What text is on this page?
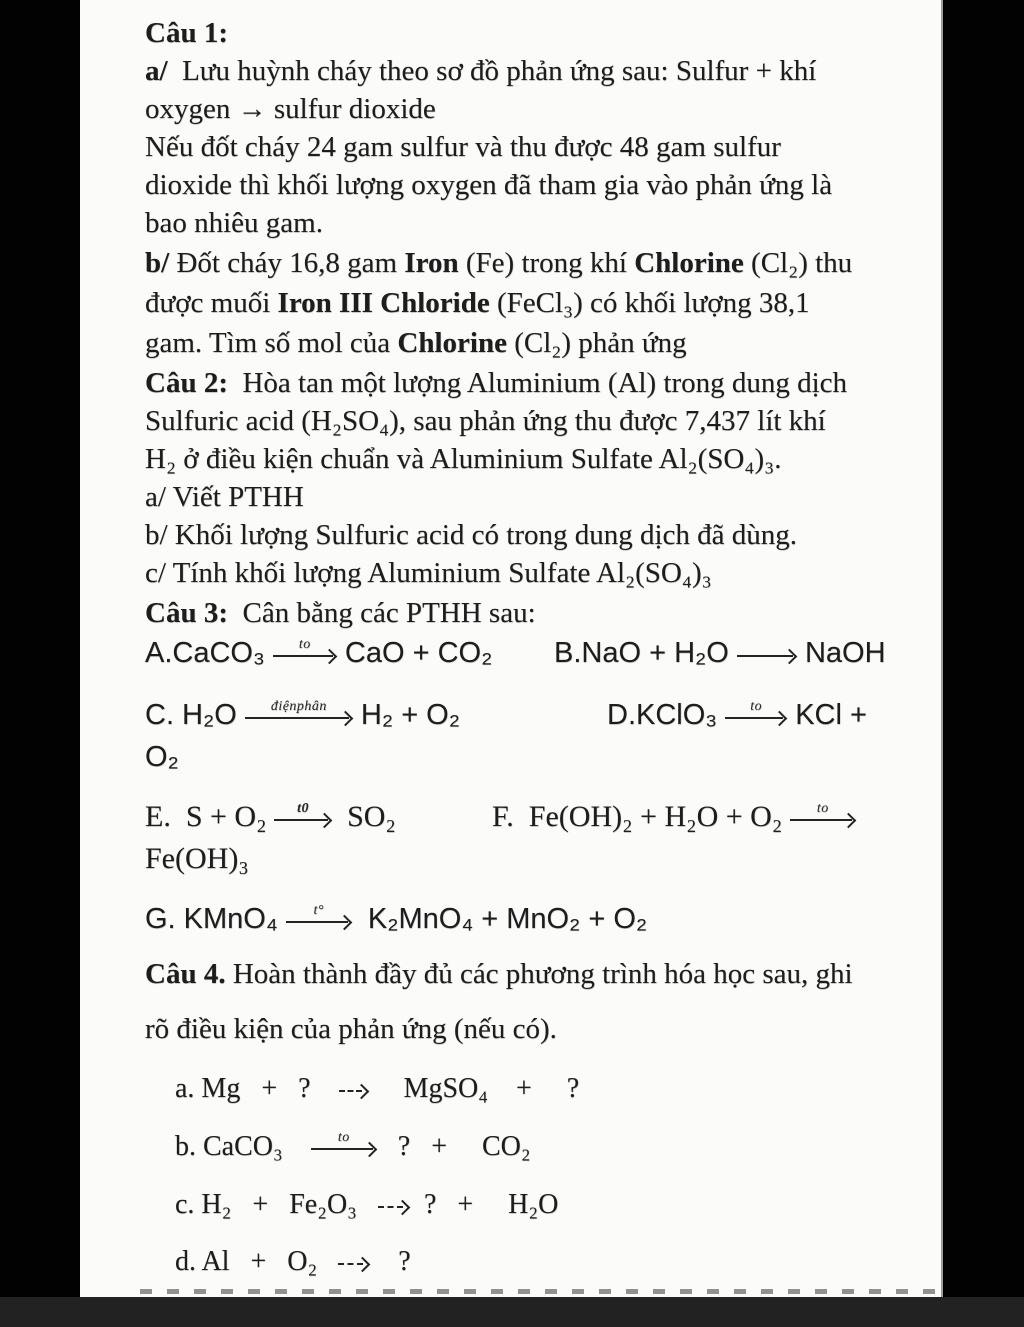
Câu 1:
a/  Lưu huỳnh cháy theo sơ đồ phản ứng sau: Sulfur + khí
oxygen → sulfur dioxide
Nếu đốt cháy 24 gam sulfur và thu được 48 gam sulfur
dioxide thì khối lượng oxygen đã tham gia vào phản ứng là
bao nhiêu gam.
b/ Đốt cháy 16,8 gam Iron (Fe) trong khí Chlorine (Cl₂) thu
được muối Iron III Chloride (FeCl₃) có khối lượng 38,1
gam. Tìm số mol của Chlorine (Cl₂) phản ứng
Câu 2:  Hòa tan một lượng Aluminium (Al) trong dung dịch
Sulfuric acid (H₂SO₄), sau phản ứng thu được 7,437 lít khí
H₂ ở điều kiện chuẩn và Aluminium Sulfate Al₂(SO₄)₃.
a/ Viết PTHH
b/ Khối lượng Sulfuric acid có trong dung dịch đã dùng.
c/ Tính khối lượng Aluminium Sulfate Al₂(SO₄)₃
Câu 3:  Cân bằng các PTHH sau:
A.CaCO₃	to CaO + CO₂ B.NaO + H₂O  NaOH
C. H₂O	điệnphân H₂ + O₂	D.KClO₃	to KCl +
O₂
E.  S + O₂	t0 SO₂	F.  Fe(OH)₂ + H₂O + O₂	to
Fe(OH)₃
G. KMnO₄	t° K₂MnO₄ + MnO₂ + O₂
Câu 4. Hoàn thành đầy đủ các phương trình hóa học sau, ghi
rõ điều kiện của phản ứng (nếu có).
a. Mg   +   ?         MgSO₄    +     ?
b. CaCO₃	to ?   +     CO₂
c. H₂   +   Fe₂O₃     ?   +     H₂O
d. Al   +   O₂       ?
